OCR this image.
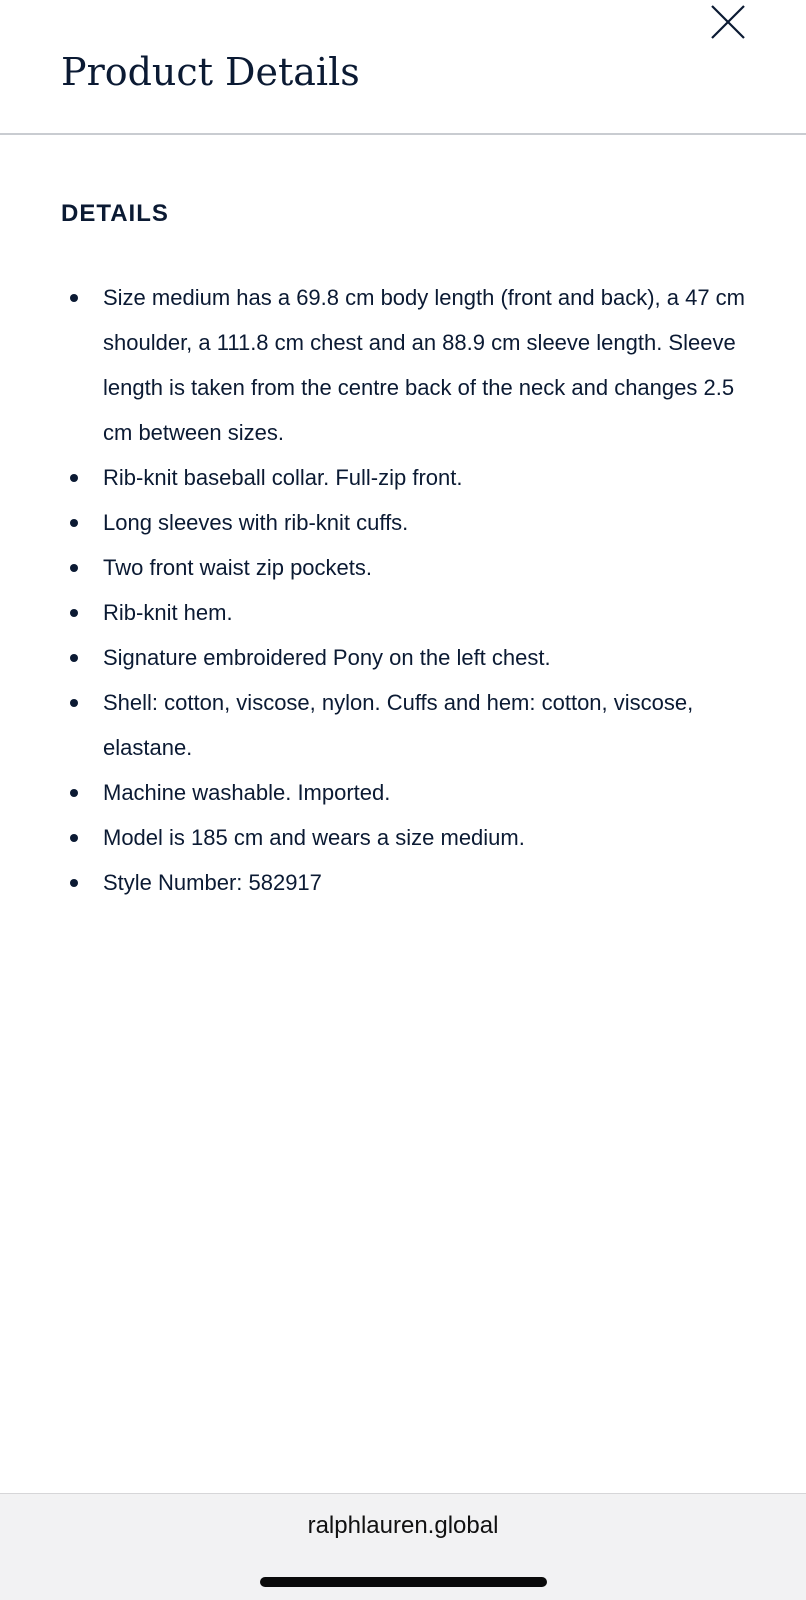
Product Details
DETAILS
Size medium has a 69.8 cm body length (front and back), a 47 cm shoulder, a 111.8 cm chest and an 88.9 cm sleeve length. Sleeve length is taken from the centre back of the neck and changes 2.5 cm between sizes.
Rib-knit baseball collar. Full-zip front.
Long sleeves with rib-knit cuffs.
Two front waist zip pockets.
Rib-knit hem.
Signature embroidered Pony on the left chest.
Shell: cotton, viscose, nylon. Cuffs and hem: cotton, viscose, elastane.
Machine washable. Imported.
Model is 185 cm and wears a size medium.
Style Number: 582917
ralphlauren.global
